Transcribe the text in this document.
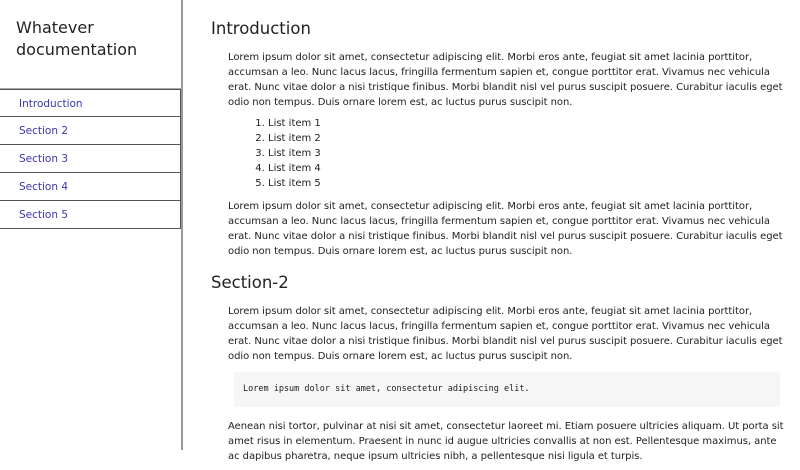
Whatever documentation
Introduction
Section 2
Section 3
Section 4
Section 5
Introduction

Lorem ipsum dolor sit amet, consectetur adipiscing elit. Morbi eros ante, feugiat sit amet lacinia porttitor, accumsan a leo. Nunc lacus lacus, fringilla fermentum sapien et, congue porttitor erat. Vivamus nec vehicula erat. Nunc vitae dolor a nisi tristique finibus. Morbi blandit nisl vel purus suscipit posuere. Curabitur iaculis eget odio non tempus. Duis ornare lorem est, ac luctus purus suscipit non.

1. List item 1
2. List item 2
3. List item 3
4. List item 4
5. List item 5

Lorem ipsum dolor sit amet, consectetur adipiscing elit. Morbi eros ante, feugiat sit amet lacinia porttitor, accumsan a leo. Nunc lacus lacus, fringilla fermentum sapien et, congue porttitor erat. Vivamus nec vehicula erat. Nunc vitae dolor a nisi tristique finibus. Morbi blandit nisl vel purus suscipit posuere. Curabitur iaculis eget odio non tempus. Duis ornare lorem est, ac luctus purus suscipit non.

Section-2

Lorem ipsum dolor sit amet, consectetur adipiscing elit. Morbi eros ante, feugiat sit amet lacinia porttitor, accumsan a leo. Nunc lacus lacus, fringilla fermentum sapien et, congue porttitor erat. Vivamus nec vehicula erat. Nunc vitae dolor a nisi tristique finibus. Morbi blandit nisl vel purus suscipit posuere. Curabitur iaculis eget odio non tempus. Duis ornare lorem est, ac luctus purus suscipit non.

Lorem ipsum dolor sit amet, consectetur adipiscing elit.

Aenean nisi tortor, pulvinar at nisi sit amet, consectetur laoreet mi. Etiam posuere ultricies aliquam. Ut porta sit amet risus in elementum. Praesent in nunc id augue ultricies convallis at non est. Pellentesque maximus, ante ac dapibus pharetra, neque ipsum ultricies nibh, a pellentesque nisi ligula et turpis.
